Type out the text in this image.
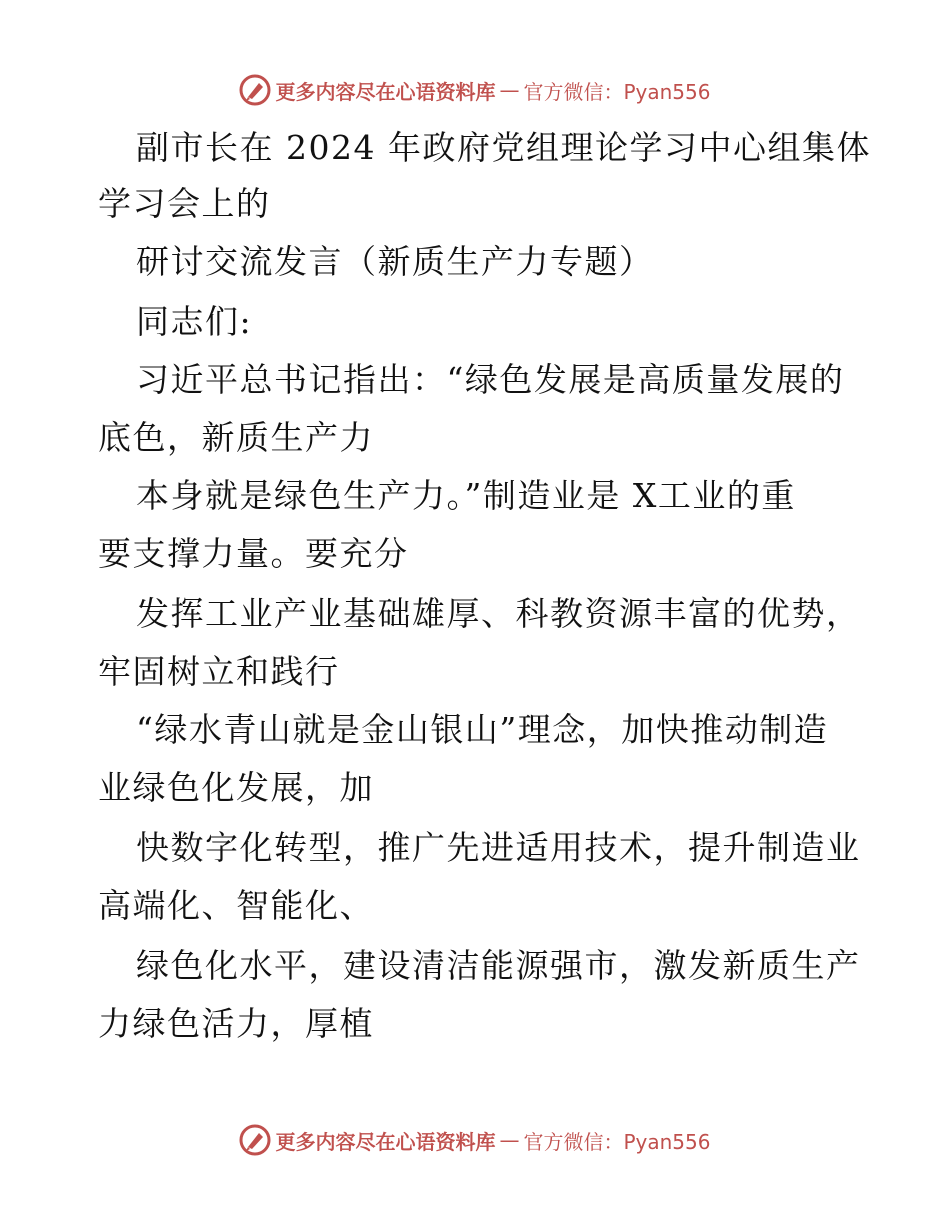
更多内容尽在心语资料库 — 官方微信：Pyan556
副市长在 2024 年政府党组理论学习中心组集体
学习会上的
研讨交流发言（新质生产力专题）
同志们:
习近平总书记指出：“绿色发展是高质量发展的
底色，新质生产力
本身就是绿色生产力。”制造业是 X工业的重
要支撑力量。要充分
发挥工业产业基础雄厚、科教资源丰富的优势，
牢固树立和践行
“绿水青山就是金山银山”理念，加快推动制造
业绿色化发展，加
快数字化转型，推广先进适用技术，提升制造业
高端化、智能化、
绿色化水平，建设清洁能源强市，激发新质生产
力绿色活力，厚植
更多内容尽在心语资料库 — 官方微信：Pyan556
